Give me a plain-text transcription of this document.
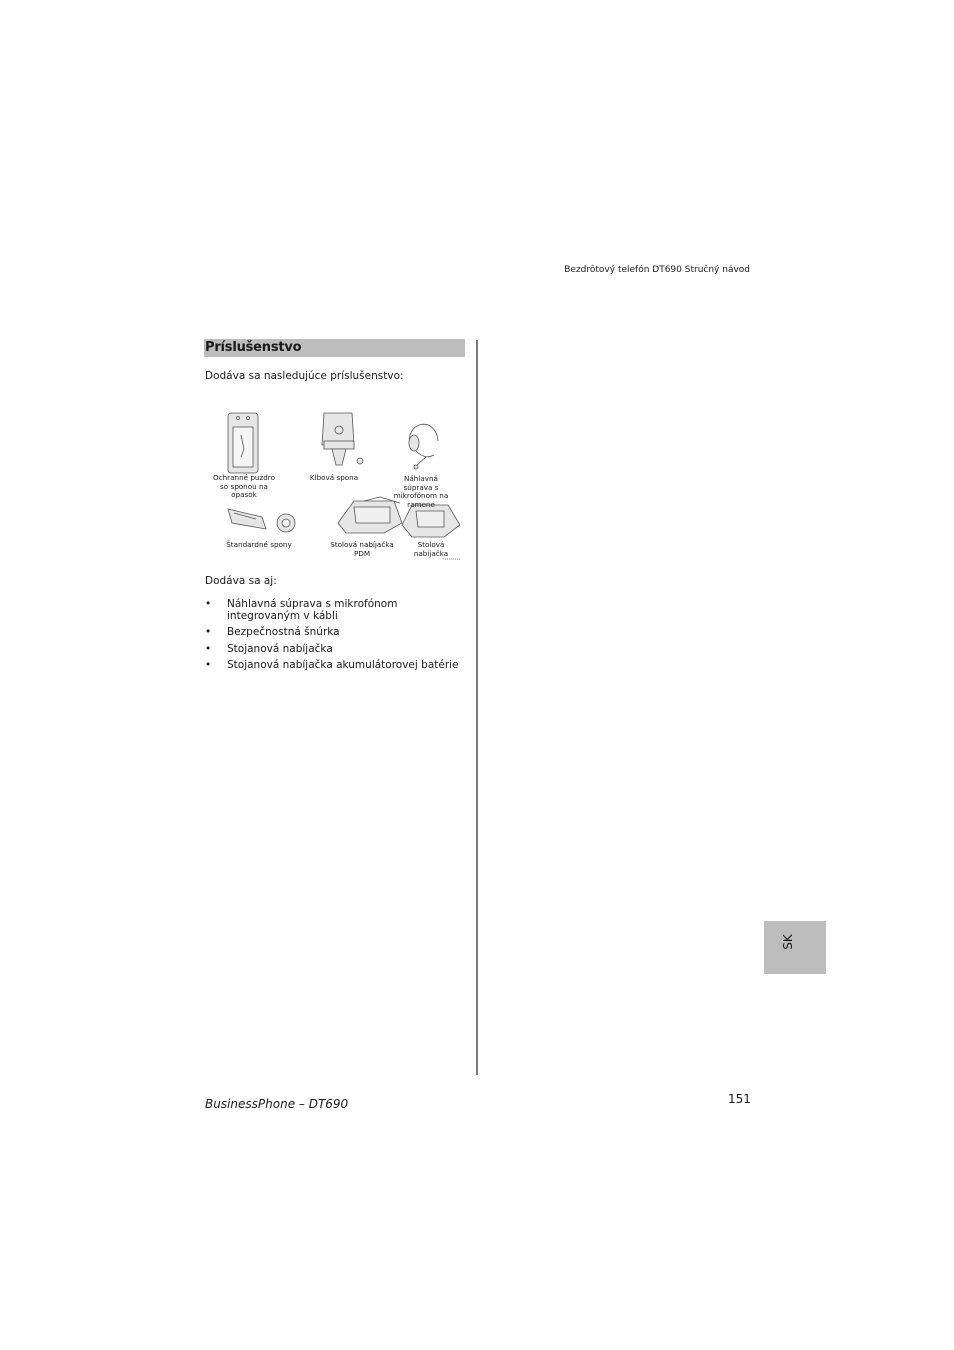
Bezdrôtový telefón DT690 Stručný návod
Príslušenstvo
Dodáva sa nasledujúce príslušenstvo:
Ochranné puzdro so sponou na opasok
Klbová spona	Náhlavná súprava s mikrofónom na ramene
Štandardné spony	Stolová nabíjačka PDM
Stolová nabíjačka
Dodáva sa aj:
• Náhlavná súprava s mikrofónom integrovaným v kábli
• Bezpečnostná šnúrka
• Stojanová nabíjačka
• Stojanová nabíjačka akumulátorovej batérie
SK
BusinessPhone – DT690	151
